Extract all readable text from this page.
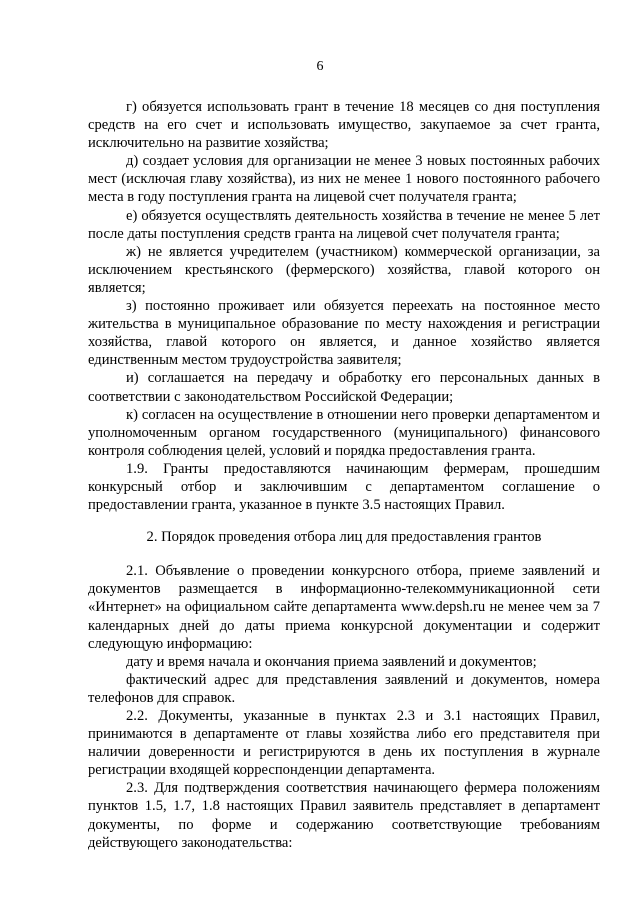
6

г) обязуется использовать грант в течение 18 месяцев со дня поступления средств на его счет и использовать имущество, закупаемое за счет гранта, исключительно на развитие хозяйства;

д) создает условия для организации не менее 3 новых постоянных рабочих мест (исключая главу хозяйства), из них не менее 1 нового постоянного рабочего места в году поступления гранта на лицевой счет получателя гранта;

е) обязуется осуществлять деятельность хозяйства в течение не менее 5 лет после даты поступления средств гранта на лицевой счет получателя гранта;

ж) не является учредителем (участником) коммерческой организации, за исключением крестьянского (фермерского) хозяйства, главой которого он является;

з) постоянно проживает или обязуется переехать на постоянное место жительства в муниципальное образование по месту нахождения и регистрации хозяйства, главой которого он является, и данное хозяйство является единственным местом трудоустройства заявителя;

и) соглашается на передачу и обработку его персональных данных в соответствии с законодательством Российской Федерации;

к) согласен на осуществление в отношении него проверки департаментом и уполномоченным органом государственного (муниципального) финансового контроля соблюдения целей, условий и порядка предоставления гранта.

1.9. Гранты предоставляются начинающим фермерам, прошедшим конкурсный отбор и заключившим с департаментом соглашение о предоставлении гранта, указанное в пункте 3.5 настоящих Правил.

2. Порядок проведения отбора лиц для предоставления грантов

2.1. Объявление о проведении конкурсного отбора, приеме заявлений и документов размещается в информационно-телекоммуникационной сети «Интернет» на официальном сайте департамента www.depsh.ru не менее чем за 7 календарных дней до даты приема конкурсной документации и содержит следующую информацию:

дату и время начала и окончания приема заявлений и документов;

фактический адрес для представления заявлений и документов, номера телефонов для справок.

2.2. Документы, указанные в пунктах 2.3 и 3.1 настоящих Правил, принимаются в департаменте от главы хозяйства либо его представителя при наличии доверенности и регистрируются в день их поступления в журнале регистрации входящей корреспонденции департамента.

2.3. Для подтверждения соответствия начинающего фермера положениям пунктов 1.5, 1.7, 1.8 настоящих Правил заявитель представляет в департамент документы, по форме и содержанию соответствующие требованиям действующего законодательства:
